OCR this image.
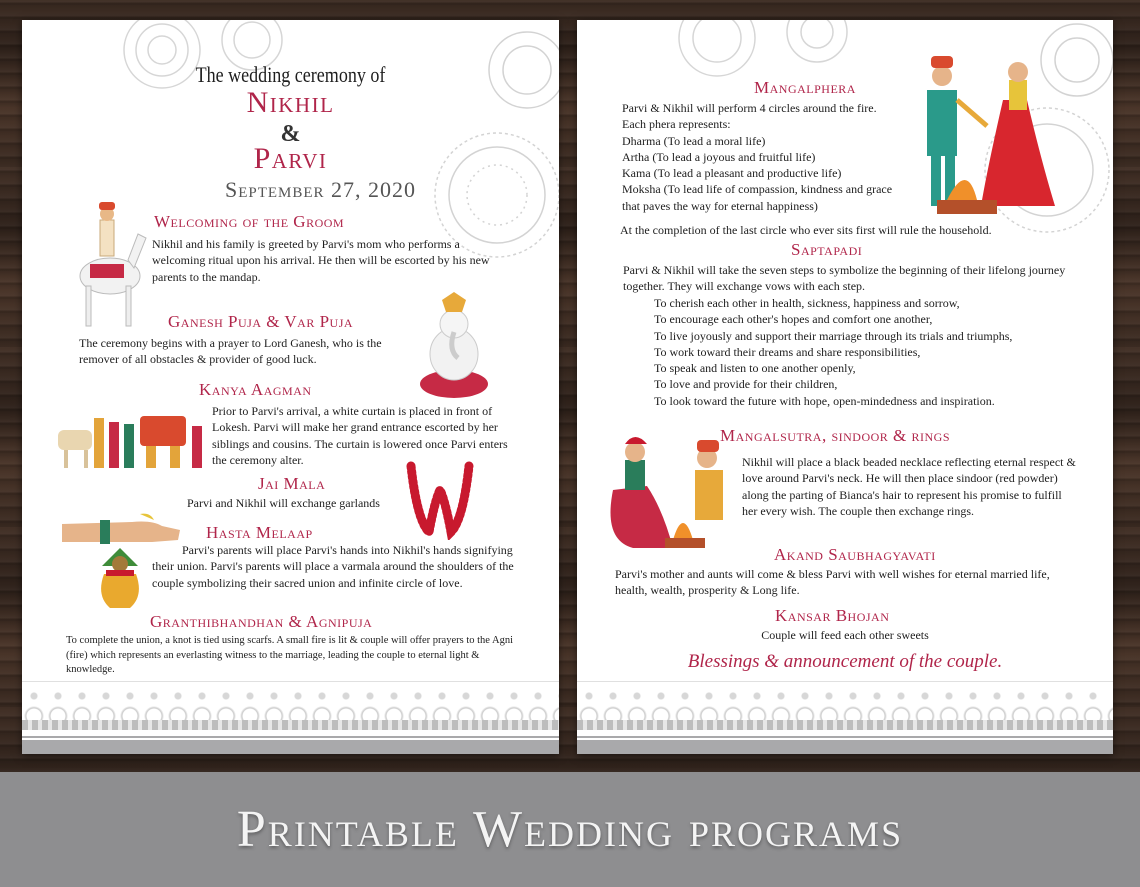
The wedding ceremony of
Nikhil
&
Parvi
September 27, 2020
Welcoming of the Groom
Nikhil and his family is greeted by Parvi's mom who performs a welcoming ritual upon his arrival. He then will be escorted by his new parents to the mandap.
Ganesh Puja & Var Puja
The ceremony begins with a prayer to Lord Ganesh, who is the remover of all obstacles & provider of good luck.
Kanya Aagman
Prior to Parvi's arrival, a white curtain is placed in front of Lokesh. Parvi will make her grand entrance escorted by her siblings and cousins. The curtain is lowered once Parvi enters the ceremony alter.
Jai Mala
Parvi and Nikhil will exchange garlands
Hasta Melaap
Parvi's parents will place Parvi's hands into Nikhil's hands signifying their union. Parvi's parents will place a varmala around the shoulders of the couple symbolizing their sacred union and infinite circle of love.
Granthibhandhan & Agnipuja
To complete the union, a knot is tied using scarfs. A small fire is lit & couple will offer prayers to the Agni (fire) which represents an everlasting witness to the marriage, leading the couple to eternal light & knowledge.
Mangalphera
Parvi & Nikhil will perform 4 circles around the fire.
Each phera represents:
Dharma (To lead a moral life)
Artha (To lead a joyous and fruitful life)
Kama (To lead a pleasant and productive life)
Moksha (To lead life of compassion, kindness and grace
that paves the way for eternal happiness)
At the completion of the last circle who ever sits first will rule the household.
Saptapadi
Parvi & Nikhil will take the seven steps to symbolize the beginning of their lifelong journey together. They will exchange vows with each step.
To cherish each other in health, sickness, happiness and sorrow,
To encourage each other's hopes and comfort one another,
To live joyously and support their marriage through its trials and triumphs,
To work toward their dreams and share responsibilities,
To speak and listen to one another openly,
To love and provide for their children,
To look toward the future with hope, open-mindedness and inspiration.
Mangalsutra, sindoor & rings
Nikhil will place a black beaded necklace reflecting eternal respect & love around Parvi's neck. He will then place sindoor (red powder) along the parting of Bianca's hair to represent his promise to fulfill her every wish. The couple then exchange rings.
Akand Saubhagyavati
Parvi's mother and aunts will come & bless Parvi with well wishes for eternal married life, health, wealth, prosperity & Long life.
Kansar Bhojan
Couple will feed each other sweets
Blessings & announcement of the couple.
Printable Wedding programs
